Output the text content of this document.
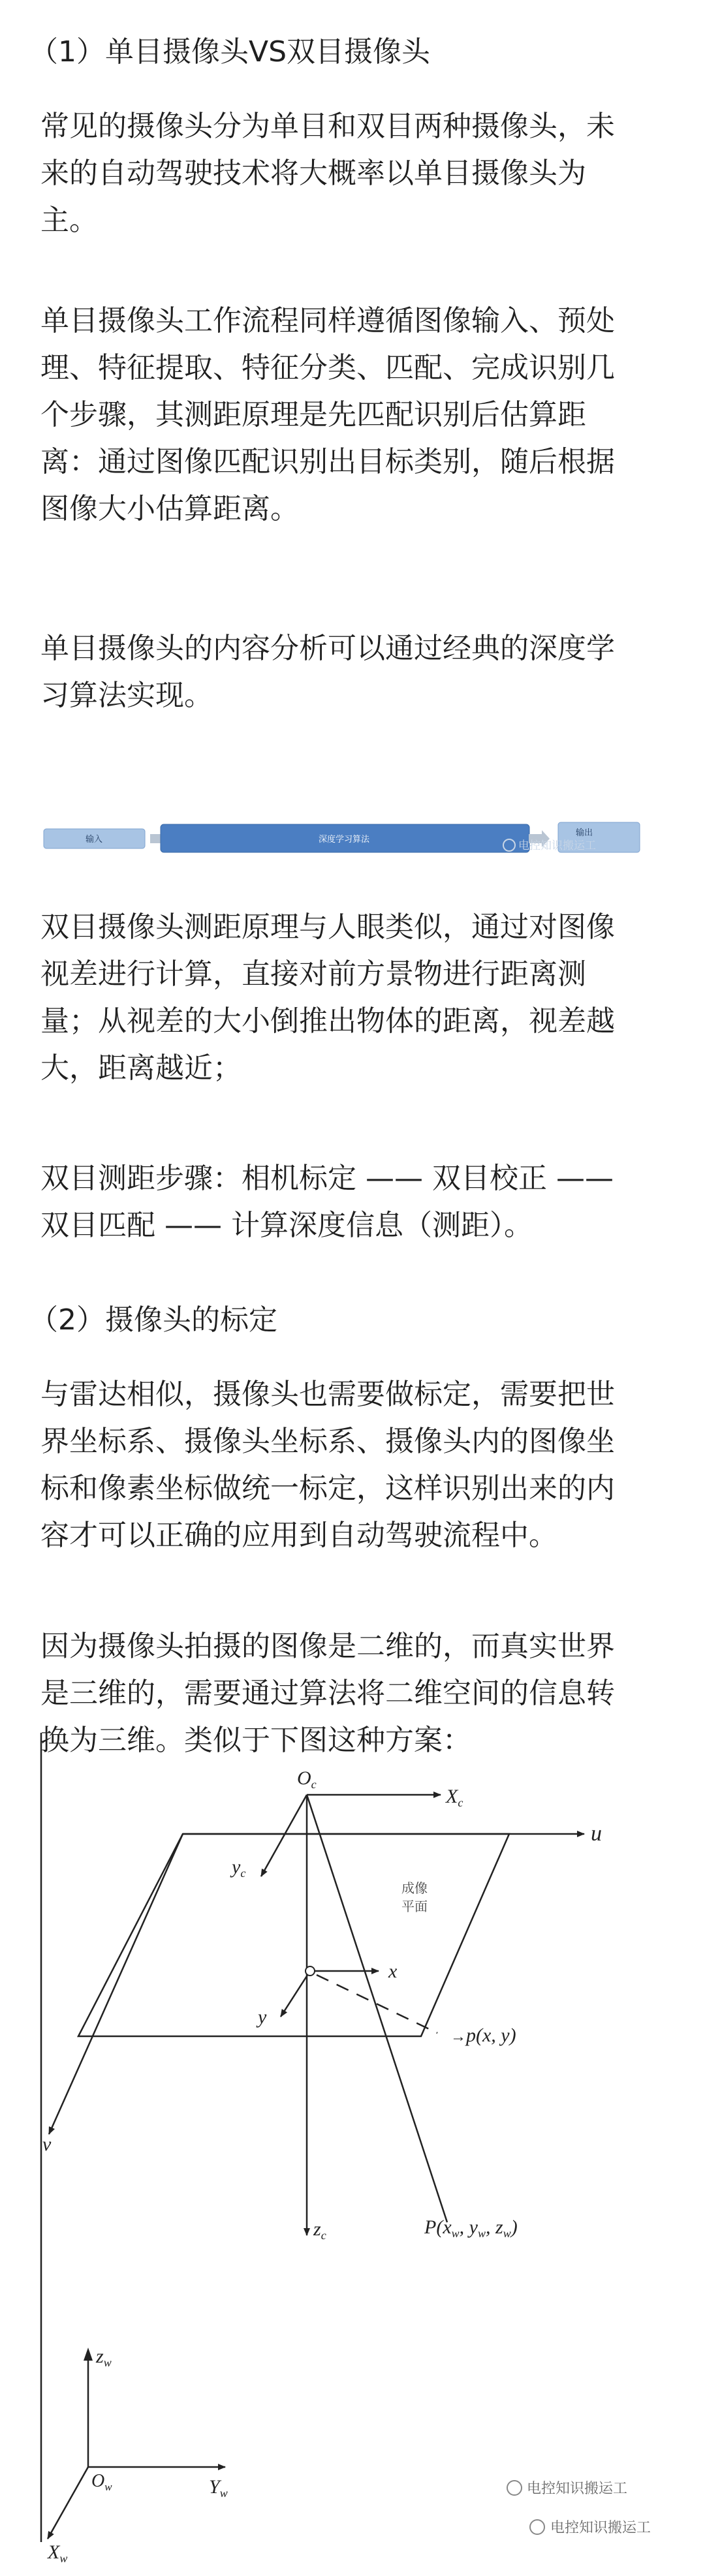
（1）单目摄像头VS双目摄像头

常见的摄像头分为单目和双目两种摄像头，未
来的自动驾驶技术将大概率以单目摄像头为
主。

单目摄像头工作流程同样遵循图像输入、预处
理、特征提取、特征分类、匹配、完成识别几
个步骤，其测距原理是先匹配识别后估算距
离：通过图像匹配识别出目标类别，随后根据
图像大小估算距离。

单目摄像头的内容分析可以通过经典的深度学
习算法实现。

输入	深度学习算法
输出
电控知识搬运工

双目摄像头测距原理与人眼类似，通过对图像
视差进行计算，直接对前方景物进行距离测
量；从视差的大小倒推出物体的距离，视差越
大，距离越近；

双目测距步骤：相机标定 —— 双目校正 ——
双目匹配 —— 计算深度信息（测距）。

（2）摄像头的标定

与雷达相似，摄像头也需要做标定，需要把世
界坐标系、摄像头坐标系、摄像头内的图像坐
标和像素坐标做统一标定，这样识别出来的内
容才可以正确的应用到自动驾驶流程中。

因为摄像头拍摄的图像是二维的，而真实世界
是三维的，需要通过算法将二维空间的信息转
换为三维。类似于下图这种方案：

$O_c$
$X_c$
u
$y_c$
x
y
→p(x, y)
v
$z_c$	$P(x_w$, $y_w$, $z_w$)
$z_w$
$O_w$	$Y_w$
$X_w$
成像
平面
电控知识搬运工
电控知识搬运工
